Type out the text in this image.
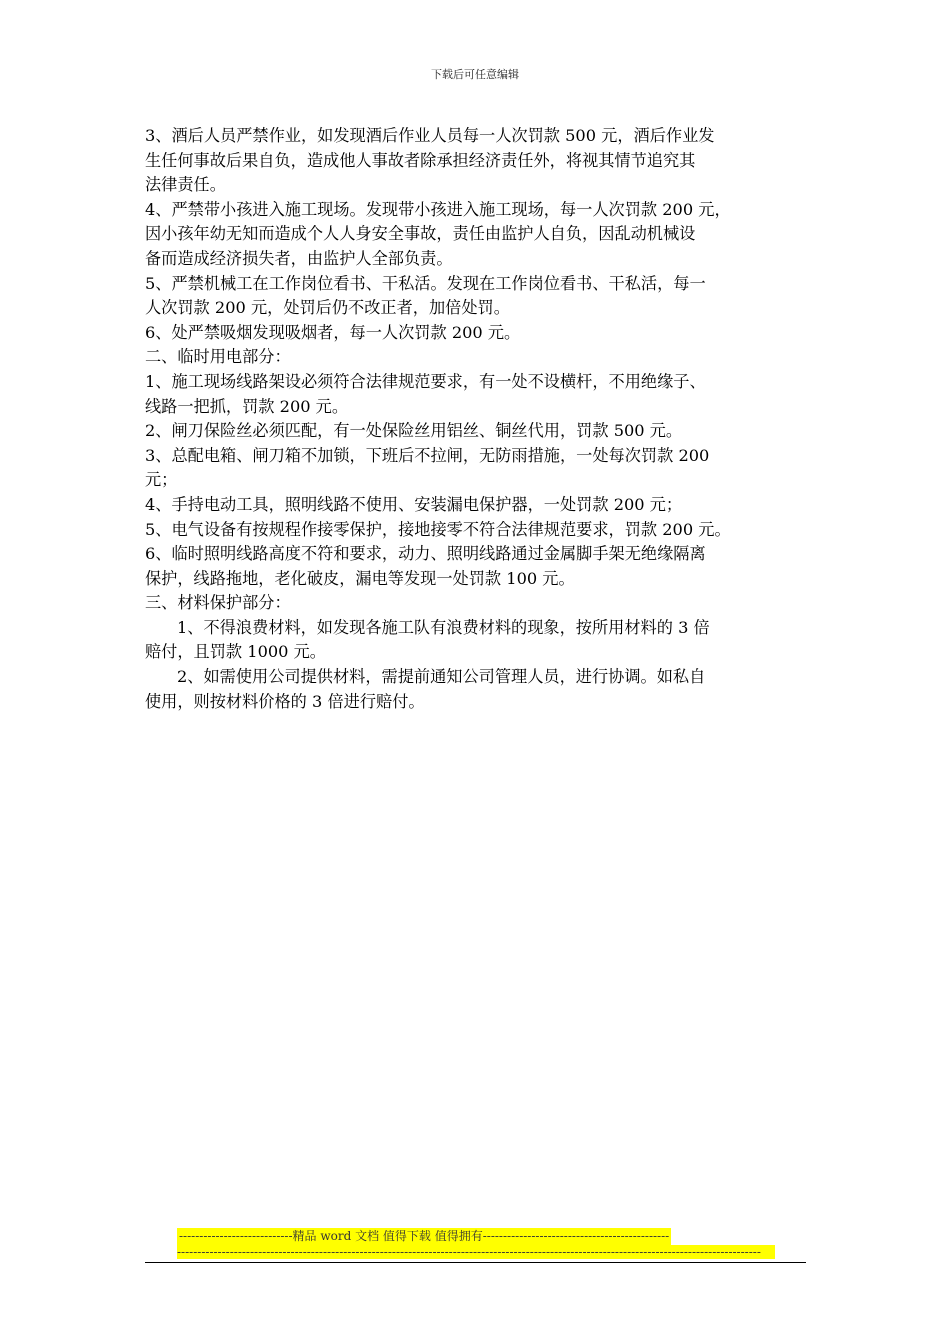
下载后可任意编辑
3、酒后人员严禁作业，如发现酒后作业人员每一人次罚款 500 元，酒后作业发
生任何事故后果自负，造成他人事故者除承担经济责任外，将视其情节追究其
法律责任。
4、严禁带小孩进入施工现场。发现带小孩进入施工现场，每一人次罚款 200 元，
因小孩年幼无知而造成个人人身安全事故，责任由监护人自负，因乱动机械设
备而造成经济损失者，由监护人全部负责。
5、严禁机械工在工作岗位看书、干私活。发现在工作岗位看书、干私活，每一
人次罚款 200 元，处罚后仍不改正者，加倍处罚。
6、处严禁吸烟发现吸烟者，每一人次罚款 200 元。
二、临时用电部分：
1、施工现场线路架设必须符合法律规范要求，有一处不设横杆，不用绝缘子、
线路一把抓，罚款 200 元。
2、闸刀保险丝必须匹配，有一处保险丝用铝丝、铜丝代用，罚款 500 元。
3、总配电箱、闸刀箱不加锁，下班后不拉闸，无防雨措施，一处每次罚款 200
元；
4、手持电动工具，照明线路不使用、安装漏电保护器，一处罚款 200 元；
5、电气设备有按规程作接零保护，接地接零不符合法律规范要求，罚款 200 元。
6、临时照明线路高度不符和要求，动力、照明线路通过金属脚手架无绝缘隔离
保护，线路拖地，老化破皮，漏电等发现一处罚款 100 元。
三、材料保护部分：
1、不得浪费材料，如发现各施工队有浪费材料的现象，按所用材料的 3 倍
赔付，且罚款 1000 元。
2、如需使用公司提供材料，需提前通知公司管理人员，进行协调。如私自
使用，则按材料价格的 3 倍进行赔付。
----------------------------精品 word 文档 值得下载 值得拥有----------------------------------------------
------------------------------------------------------------------------------------------------------------------------------------------------
